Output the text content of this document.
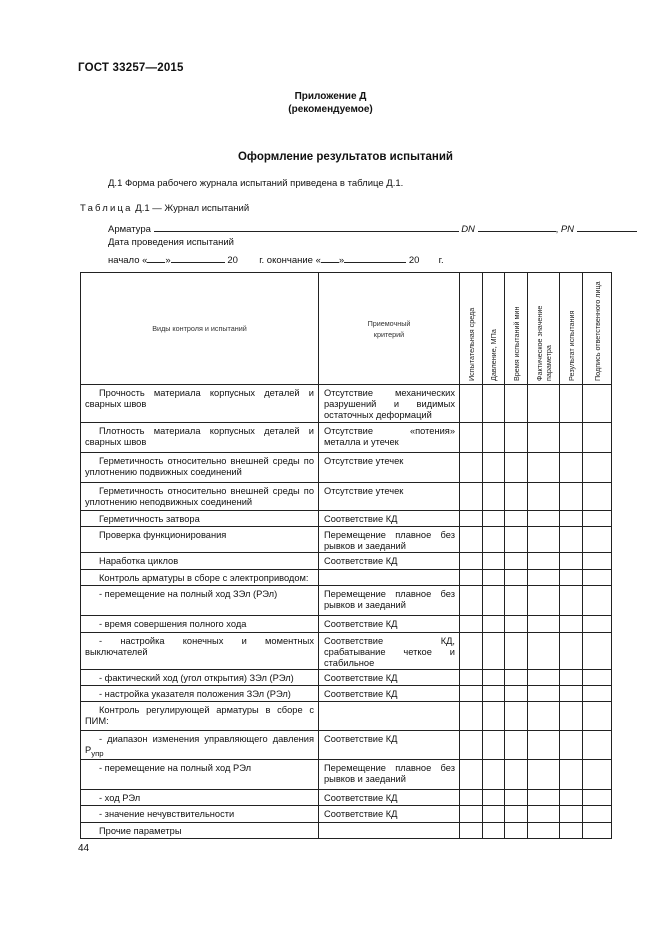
ГОСТ 33257—2015
Приложение Д
(рекомендуемое)
Оформление результатов испытаний
Д.1 Форма рабочего журнала испытаний приведена в таблице Д.1.
Таблица Д.1 — Журнал испытаний
Арматура	DN	, PN
Дата проведения испытаний
начало « »	20 г. окончание « »	20 г.
Виды контроля и испытаний	Приемочный критерий	Испытательная среда	Давление, МПа	Время испытаний мин	Фактическое значение параметра	Результат испытания	Подпись ответственного лица

Прочность материала корпусных деталей и сварных швов	Отсутствие механических разрушений и видимых остаточных деформаций						
Плотность материала корпусных деталей и сварных швов	Отсутствие «потения» металла и утечек						
Герметичность относительно внешней среды по уплотнению подвижных соединений	Отсутствие утечек						
Герметичность относительно внешней среды по уплотнению неподвижных соединений	Отсутствие утечек						
Герметичность затвора	Соответствие КД						
Проверка функционирования	Перемещение плавное без рывков и заеданий						
Наработка циклов	Соответствие КД						
Контроль арматуры в сборе с электроприводом:							
- перемещение на полный ход ЗЭл (РЭл)	Перемещение плавное без рывков и заеданий						
- время совершения полного хода	Соответствие КД						
- настройка конечных и моментных выключателей	Соответствие КД, срабатывание четкое и стабильное						
- фактический ход (угол открытия) ЗЭл (РЭл)	Соответствие КД						
- настройка указателя положения ЗЭл (РЭл)	Соответствие КД						
Контроль регулирующей арматуры в сборе с ПИМ:							
- диапазон изменения управляющего давления $P_{упр}$	Соответствие КД						
- перемещение на полный ход РЭл	Перемещение плавное без рывков и заеданий						
- ход РЭл	Соответствие КД						
- значение нечувствительности	Соответствие КД						
Прочие параметры							
44
